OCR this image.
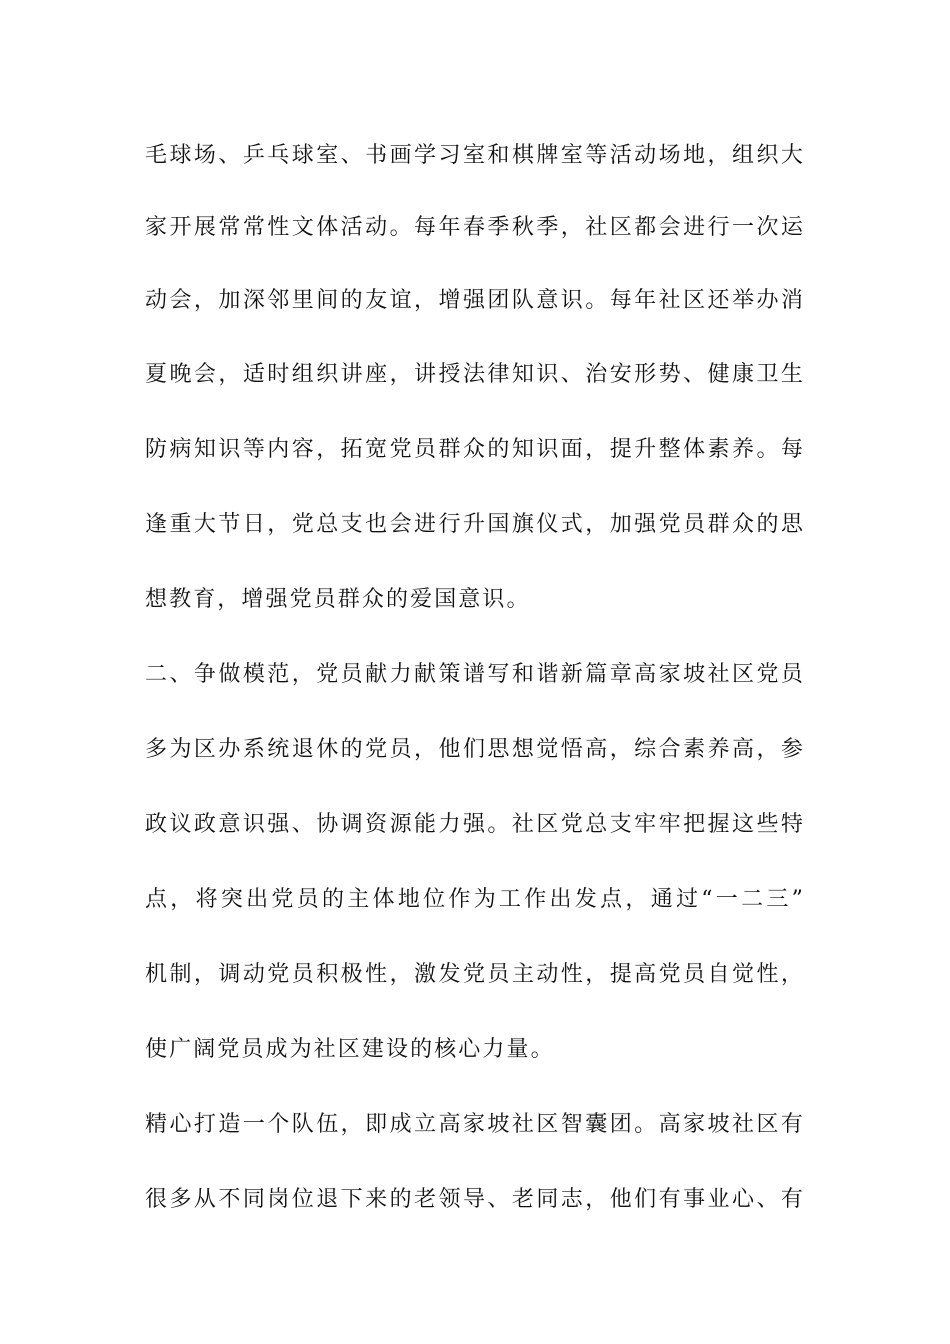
毛球场、乒乓球室、书画学习室和棋牌室等活动场地，组织大
家开展常常性文体活动。每年春季秋季，社区都会进行一次运
动会，加深邻里间的友谊，增强团队意识。每年社区还举办消
夏晚会，适时组织讲座，讲授法律知识、治安形势、健康卫生
防病知识等内容，拓宽党员群众的知识面，提升整体素养。每
逢重大节日，党总支也会进行升国旗仪式，加强党员群众的思
想教育，增强党员群众的爱国意识。
二、争做模范，党员献力献策谱写和谐新篇章高家坡社区党员
多为区办系统退休的党员，他们思想觉悟高，综合素养高，参
政议政意识强、协调资源能力强。社区党总支牢牢把握这些特
点，将突出党员的主体地位作为工作出发点，通过“一二三”
机制，调动党员积极性，激发党员主动性，提高党员自觉性，
使广阔党员成为社区建设的核心力量。
精心打造一个队伍，即成立高家坡社区智囊团。高家坡社区有
很多从不同岗位退下来的老领导、老同志，他们有事业心、有
